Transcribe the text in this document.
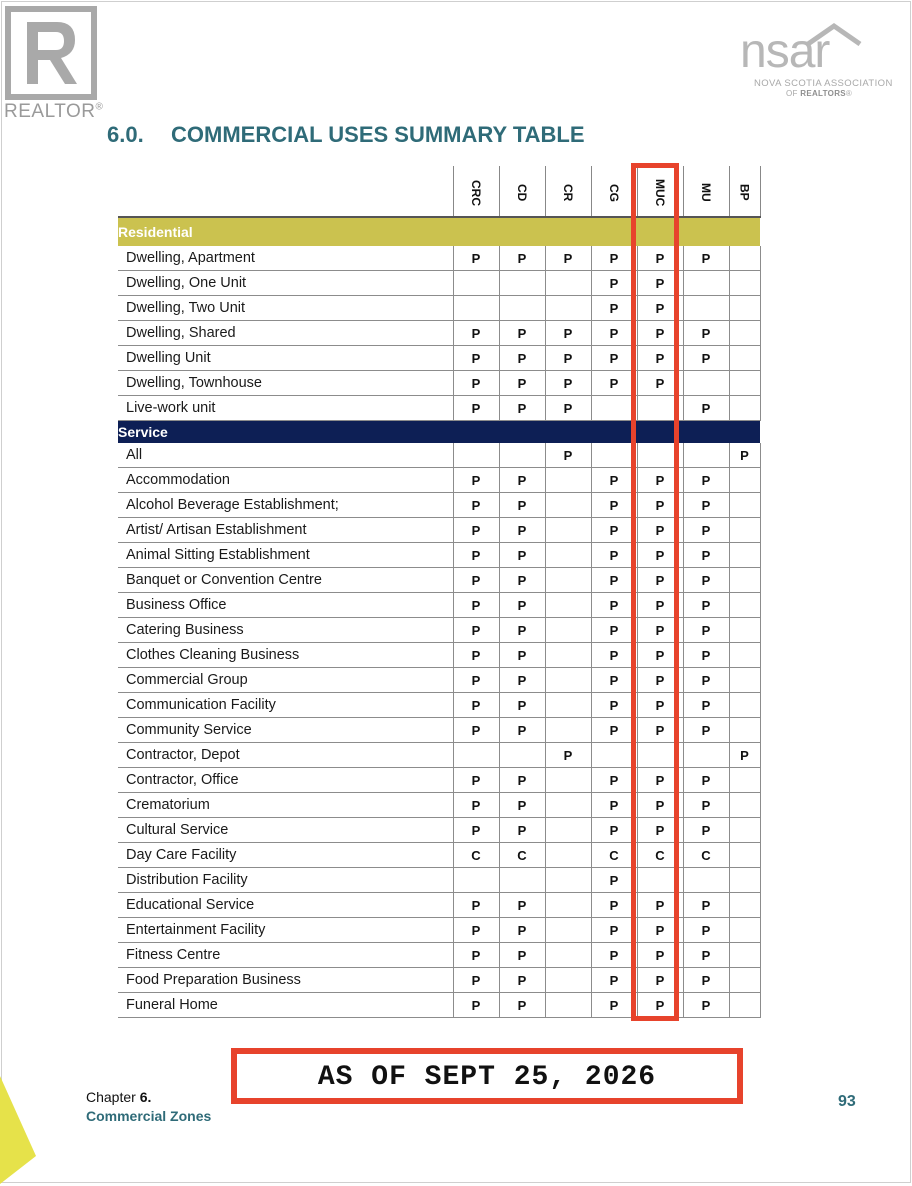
REALTOR®
nsar
NOVA SCOTIA ASSOCIATION
OF REALTORS®
6.0. COMMERCIAL USES SUMMARY TABLE
	CRC	CD	CR	CG	MUC	MU	BP
Residential							
Dwelling, Apartment	P	P	P	P	P	P	
Dwelling, One Unit				P	P		
Dwelling, Two Unit				P	P		
Dwelling, Shared	P	P	P	P	P	P	
Dwelling Unit	P	P	P	P	P	P	
Dwelling, Townhouse	P	P	P	P	P		
Live-work unit	P	P	P			P	
Service							
All			P				P
Accommodation	P	P		P	P	P	
Alcohol Beverage Establishment;	P	P		P	P	P	
Artist/ Artisan Establishment	P	P		P	P	P	
Animal Sitting Establishment	P	P		P	P	P	
Banquet or Convention Centre	P	P		P	P	P	
Business Office	P	P		P	P	P	
Catering Business	P	P		P	P	P	
Clothes Cleaning Business	P	P		P	P	P	
Commercial Group	P	P		P	P	P	
Communication Facility	P	P		P	P	P	
Community Service	P	P		P	P	P	
Contractor, Depot			P				P
Contractor, Office	P	P		P	P	P	
Crematorium	P	P		P	P	P	
Cultural Service	P	P		P	P	P	
Day Care Facility	C	C		C	C	C	
Distribution Facility				P			
Educational Service	P	P		P	P	P	
Entertainment Facility	P	P		P	P	P	
Fitness Centre	P	P		P	P	P	
Food Preparation Business	P	P		P	P	P	
Funeral Home	P	P		P	P	P	
AS OF SEPT 25, 2026
Chapter 6.
Commercial Zones
93
